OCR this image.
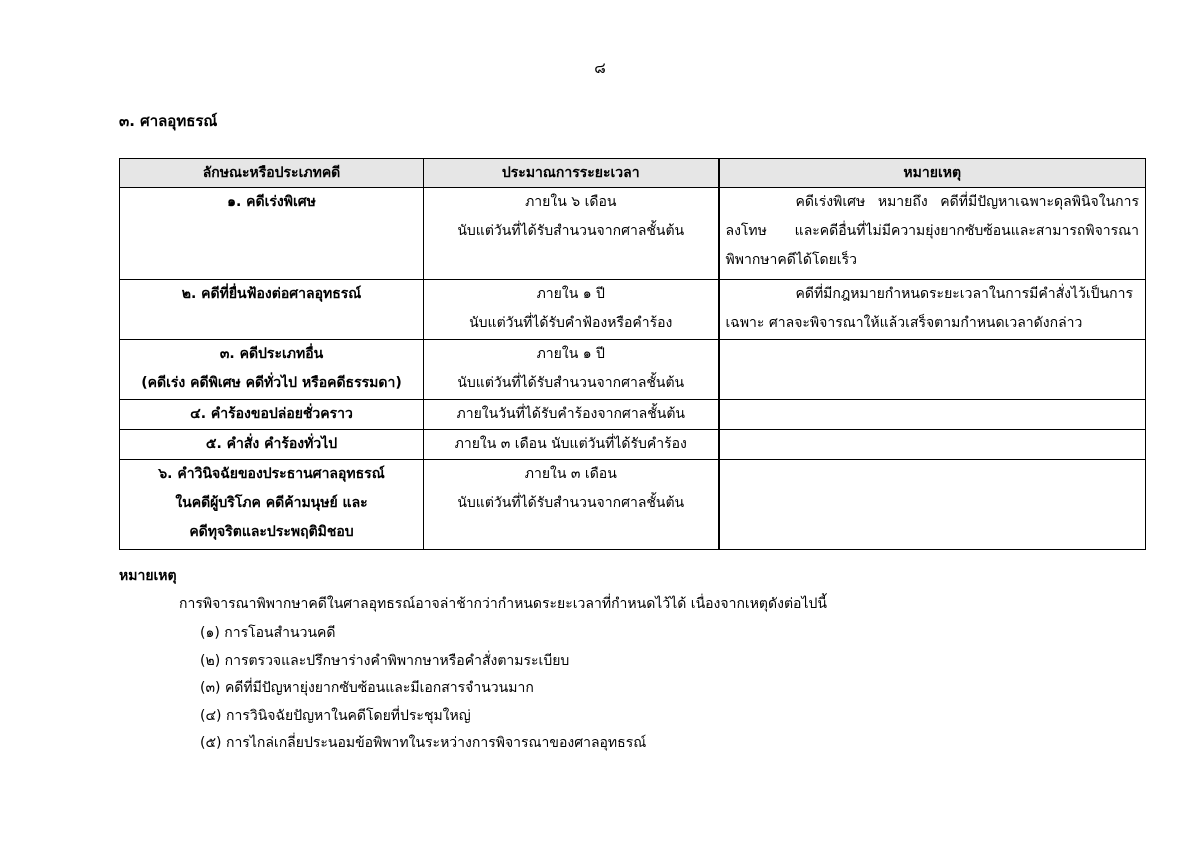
๘
๓. ศาลอุทธรณ์
ลักษณะหรือประเภทคดี	ประมาณการระยะเวลา	หมายเหตุ

๑. คดีเร่งพิเศษ	ภายใน ๖ เดือน
นับแต่วันที่ได้รับสำนวนจากศาลชั้นต้น	คดีเร่งพิเศษ หมายถึง คดีที่มีปัญหาเฉพาะดุลพินิจในการลงโทษ และคดีอื่นที่ไม่มีความยุ่งยากซับซ้อนและสามารถพิจารณาพิพากษาคดีได้โดยเร็ว

๒. คดีที่ยื่นฟ้องต่อศาลอุทธรณ์	ภายใน ๑ ปี
นับแต่วันที่ได้รับคำฟ้องหรือคำร้อง	คดีที่มีกฎหมายกำหนดระยะเวลาในการมีคำสั่งไว้เป็นการเฉพาะ ศาลจะพิจารณาให้แล้วเสร็จตามกำหนดเวลาดังกล่าว

๓. คดีประเภทอื่น
(คดีเร่ง คดีพิเศษ คดีทั่วไป หรือคดีธรรมดา)	ภายใน ๑ ปี
นับแต่วันที่ได้รับสำนวนจากศาลชั้นต้น	

๔. คำร้องขอปล่อยชั่วคราว	ภายในวันที่ได้รับคำร้องจากศาลชั้นต้น	

๕. คำสั่ง คำร้องทั่วไป	ภายใน ๓ เดือน นับแต่วันที่ได้รับคำร้อง	

๖. คำวินิจฉัยของประธานศาลอุทธรณ์
ในคดีผู้บริโภค คดีค้ามนุษย์ และ
คดีทุจริตและประพฤติมิชอบ	ภายใน ๓ เดือน
นับแต่วันที่ได้รับสำนวนจากศาลชั้นต้น	

หมายเหตุ
การพิจารณาพิพากษาคดีในศาลอุทธรณ์อาจล่าช้ากว่ากำหนดระยะเวลาที่กำหนดไว้ได้ เนื่องจากเหตุดังต่อไปนี้
(๑) การโอนสำนวนคดี
(๒) การตรวจและปรึกษาร่างคำพิพากษาหรือคำสั่งตามระเบียบ
(๓) คดีที่มีปัญหายุ่งยากซับซ้อนและมีเอกสารจำนวนมาก
(๔) การวินิจฉัยปัญหาในคดีโดยที่ประชุมใหญ่
(๕) การไกล่เกลี่ยประนอมข้อพิพาทในระหว่างการพิจารณาของศาลอุทธรณ์
